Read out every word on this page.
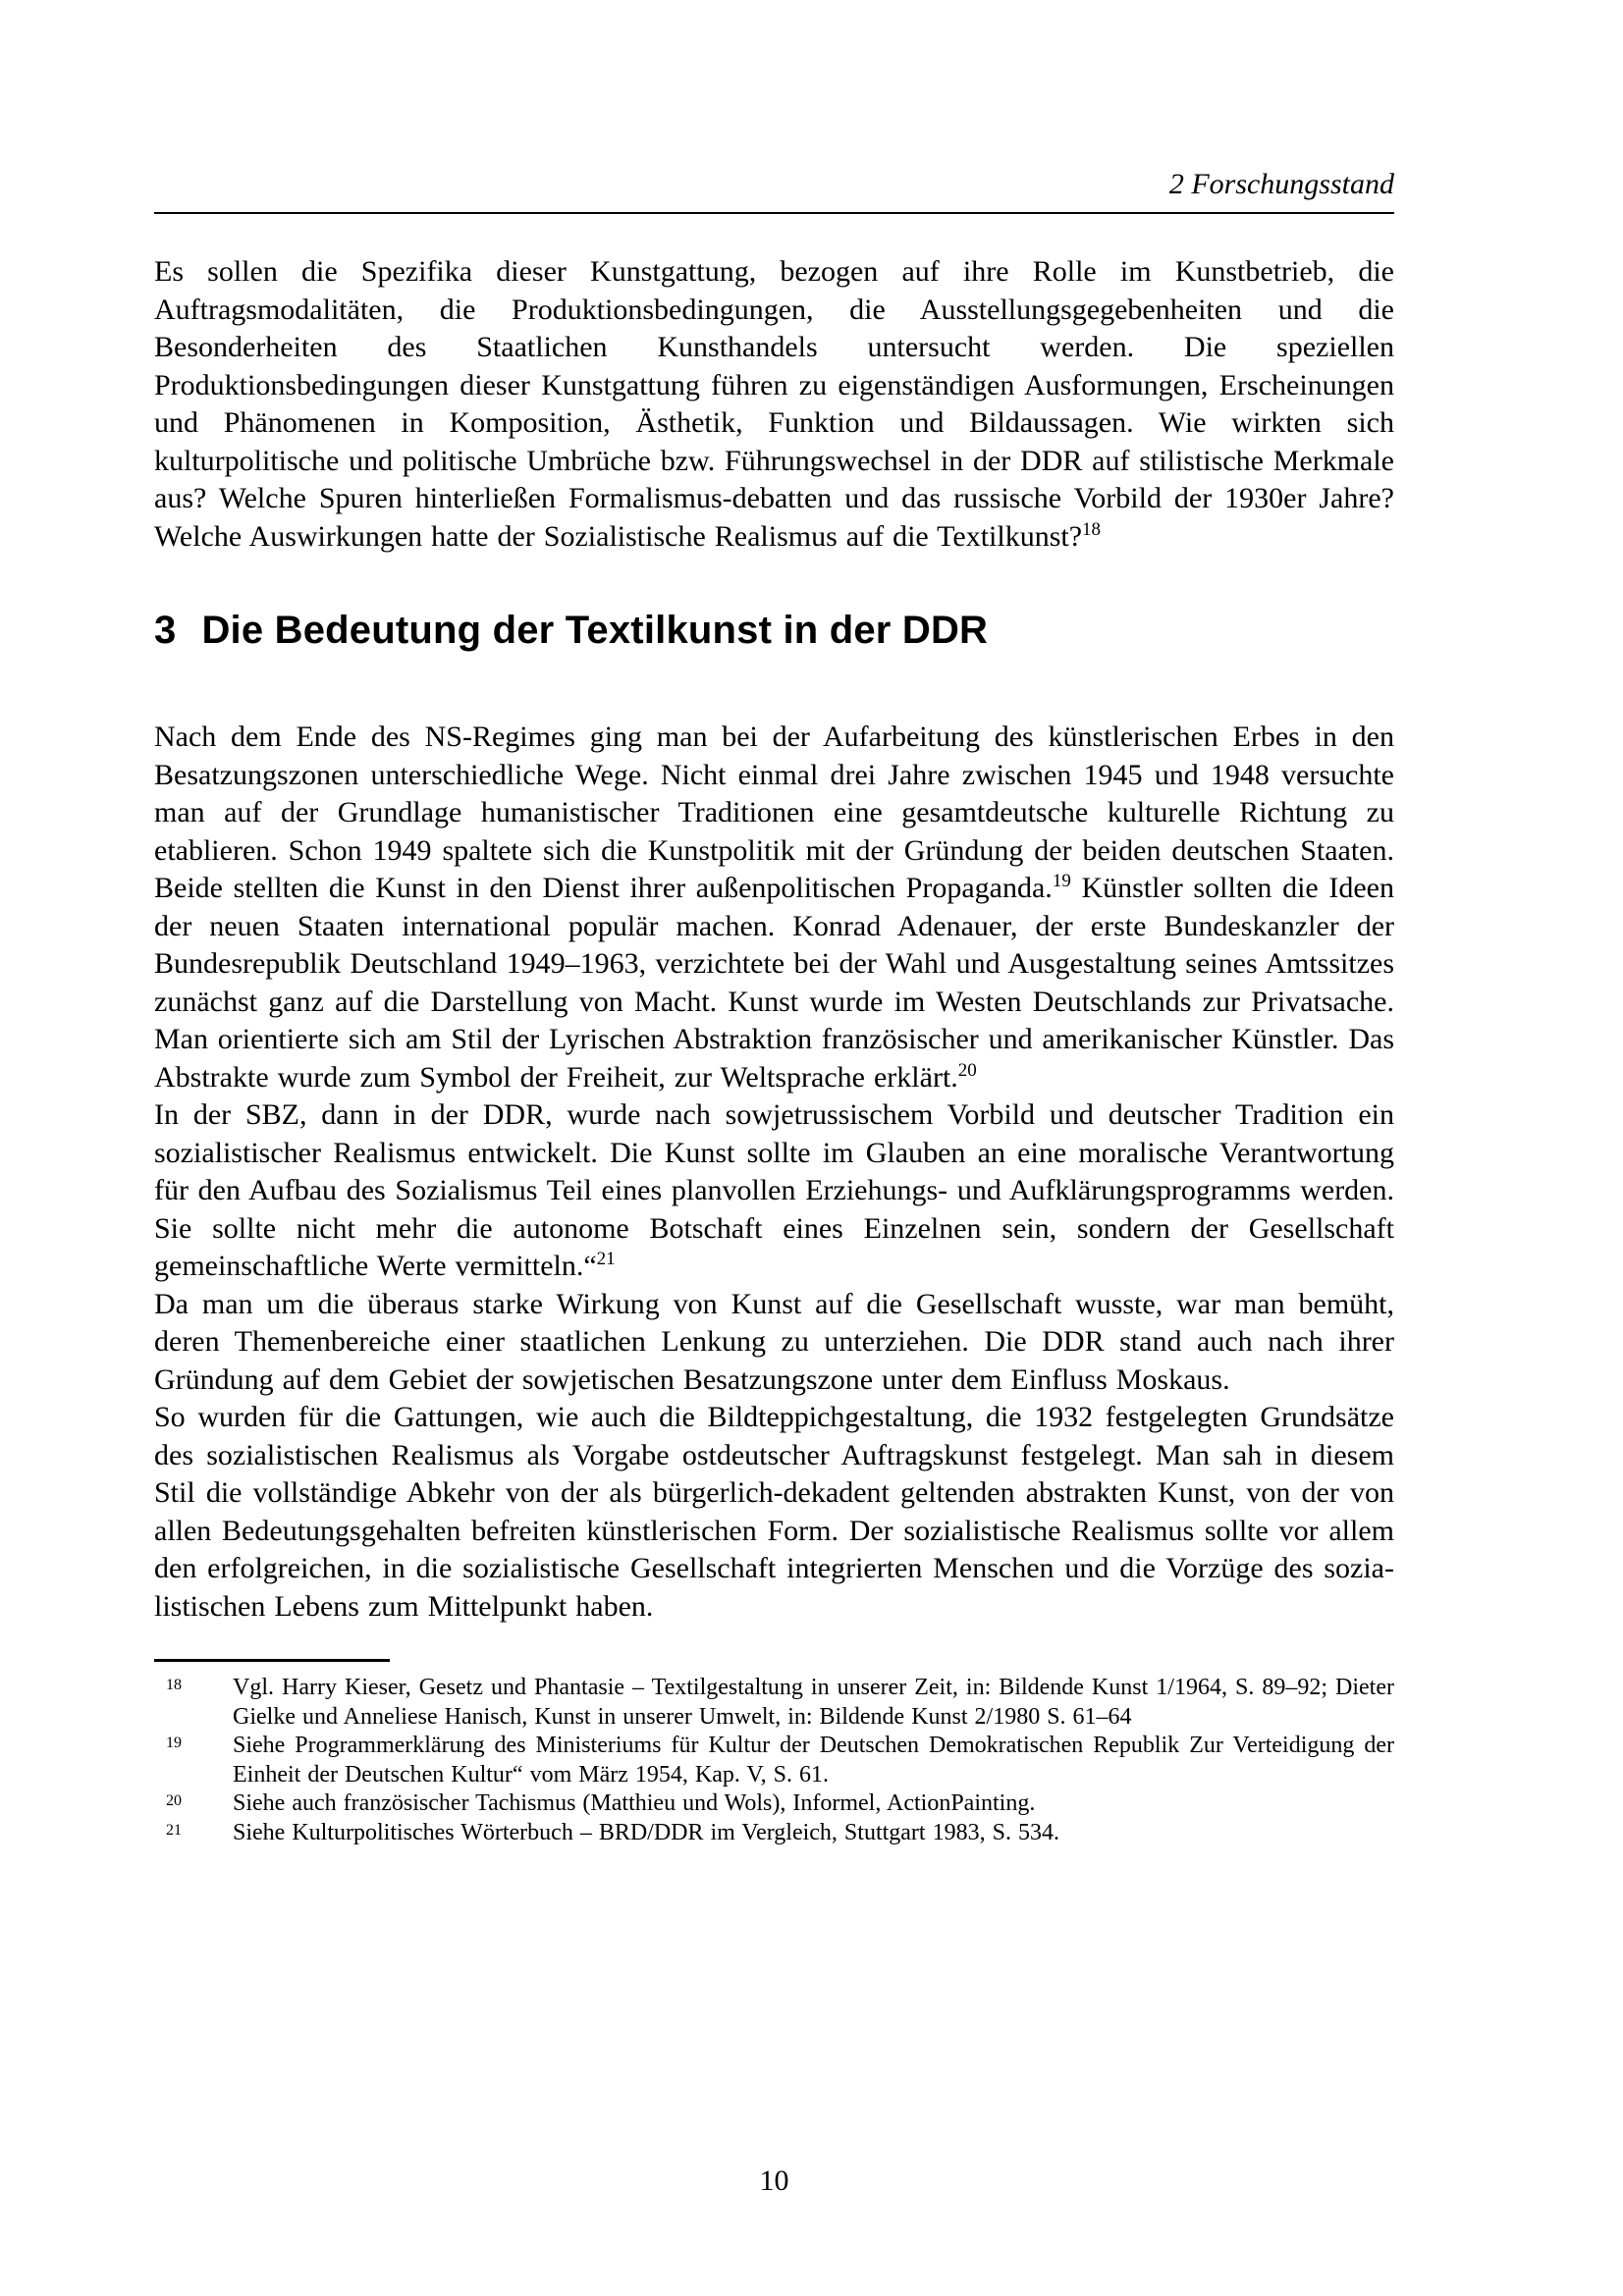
2 Forschungsstand

Es sollen die Spezifika dieser Kunstgattung, bezogen auf ihre Rolle im Kunstbetrieb, die Auftragsmodalitäten, die Produktionsbedingungen, die Ausstellungsgegebenheiten und die Besonderheiten des Staatlichen Kunsthandels untersucht werden. Die speziellen Produktionsbedingungen dieser Kunstgattung führen zu eigenständigen Ausformungen, Erscheinungen und Phänomenen in Komposition, Ästhetik, Funktion und Bildaussagen. Wie wirkten sich kulturpolitische und politische Umbrüche bzw. Führungswechsel in der DDR auf stilistische Merkmale aus? Welche Spuren hinterließen Formalismus-debatten und das russische Vorbild der 1930er Jahre? Welche Auswirkungen hatte der Sozialistische Realismus auf die Textilkunst?$^{18}$

3 Die Bedeutung der Textilkunst in der DDR

Nach dem Ende des NS-Regimes ging man bei der Aufarbeitung des künstlerischen Erbes in den Besatzungszonen unterschiedliche Wege. Nicht einmal drei Jahre zwischen 1945 und 1948 versuchte man auf der Grundlage humanistischer Traditionen eine gesamtdeutsche kulturelle Richtung zu etablieren. Schon 1949 spaltete sich die Kunstpolitik mit der Gründung der beiden deutschen Staaten. Beide stellten die Kunst in den Dienst ihrer außenpolitischen Propaganda.$^{19}$ Künstler sollten die Ideen der neuen Staaten international populär machen. Konrad Adenauer, der erste Bundeskanzler der Bundesrepublik Deutschland 1949–1963, verzichtete bei der Wahl und Ausgestaltung seines Amtssitzes zunächst ganz auf die Darstellung von Macht. Kunst wurde im Westen Deutschlands zur Privatsache. Man orientierte sich am Stil der Lyrischen Abstraktion französischer und amerikanischer Künstler. Das Abstrakte wurde zum Symbol der Freiheit, zur Weltsprache erklärt.$^{20}$

In der SBZ, dann in der DDR, wurde nach sowjetrussischem Vorbild und deutscher Tradition ein sozialistischer Realismus entwickelt. Die Kunst sollte im Glauben an eine moralische Verantwortung für den Aufbau des Sozialismus Teil eines planvollen Erziehungs- und Aufklärungsprogramms werden. Sie sollte nicht mehr die autonome Botschaft eines Einzelnen sein, sondern der Gesellschaft gemeinschaftliche Werte vermitteln.“$^{21}$

Da man um die überaus starke Wirkung von Kunst auf die Gesellschaft wusste, war man bemüht, deren Themenbereiche einer staatlichen Lenkung zu unterziehen. Die DDR stand auch nach ihrer Gründung auf dem Gebiet der sowjetischen Besatzungszone unter dem Einfluss Moskaus.

So wurden für die Gattungen, wie auch die Bildteppichgestaltung, die 1932 festgelegten Grundsätze des sozialistischen Realismus als Vorgabe ostdeutscher Auftragskunst festgelegt. Man sah in diesem Stil die vollständige Abkehr von der als bürgerlich-dekadent geltenden abstrakten Kunst, von der von allen Bedeutungsgehalten befreiten künstlerischen Form. Der sozialistische Realismus sollte vor allem den erfolgreichen, in die sozialistische Gesellschaft integrierten Menschen und die Vorzüge des sozia-listischen Lebens zum Mittelpunkt haben.

18 Vgl. Harry Kieser, Gesetz und Phantasie – Textilgestaltung in unserer Zeit, in: Bildende Kunst 1/1964, S. 89–92; Dieter Gielke und Anneliese Hanisch, Kunst in unserer Umwelt, in: Bildende Kunst 2/1980 S. 61–64
19 Siehe Programmerklärung des Ministeriums für Kultur der Deutschen Demokratischen Republik Zur Verteidigung der Einheit der Deutschen Kultur“ vom März 1954, Kap. V, S. 61.
20 Siehe auch französischer Tachismus (Matthieu und Wols), Informel, ActionPainting.
21 Siehe Kulturpolitisches Wörterbuch – BRD/DDR im Vergleich, Stuttgart 1983, S. 534.
10
